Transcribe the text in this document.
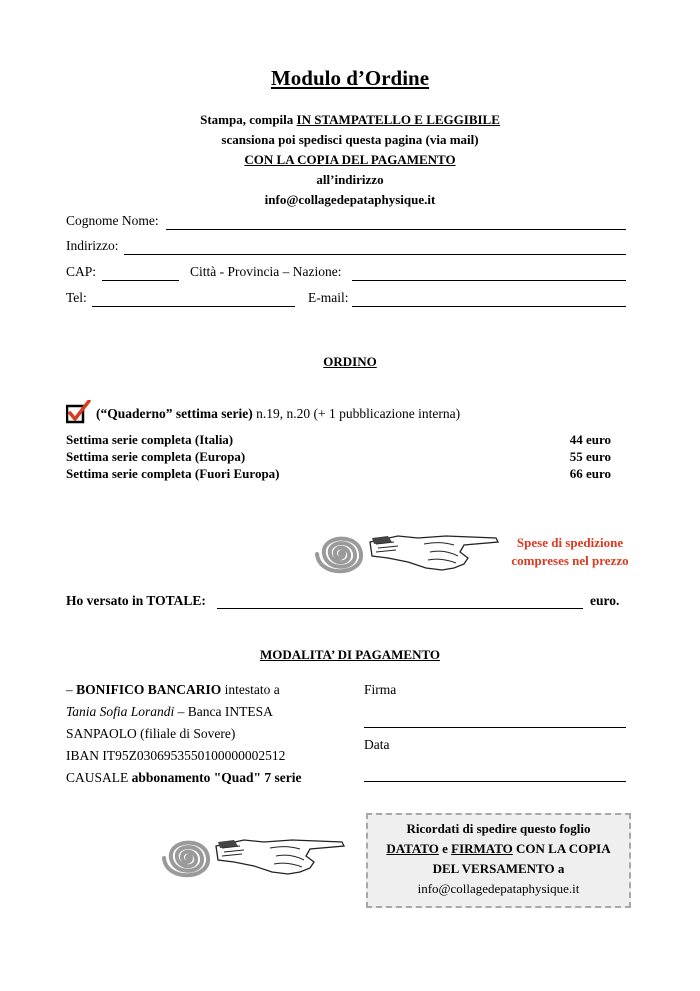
Modulo d’Ordine
Stampa, compila IN STAMPATELLO E LEGGIBILE
scansiona poi spedisci questa pagina (via mail)
CON LA COPIA DEL PAGAMENTO
all’indirizzo
info@collagedepataphysique.it
Cognome Nome:
Indirizzo:
CAP:	Città - Provincia – Nazione:
Tel:	E-mail:
ORDINO
(“Quaderno” settima serie) n.19, n.20 (+ 1 pubblicazione interna)
Settima serie completa (Italia)	44 euro
Settima serie completa (Europa)	55 euro
Settima serie completa (Fuori Europa)	66 euro
Spese di spedizione
compreses nel prezzo
Ho versato in TOTALE:	euro.
MODALITA’ DI PAGAMENTO
– BONIFICO BANCARIO intestato a
Tania Sofia Lorandi – Banca INTESA
SANPAOLO (filiale di Sovere)
IBAN IT95Z0306953550100000002512
CAUSALE abbonamento "Quad" 7 serie
Firma
Data
Ricordati di spedire questo foglio
DATATO e FIRMATO CON LA COPIA
DEL VERSAMENTO a
info@collagedepataphysique.it
